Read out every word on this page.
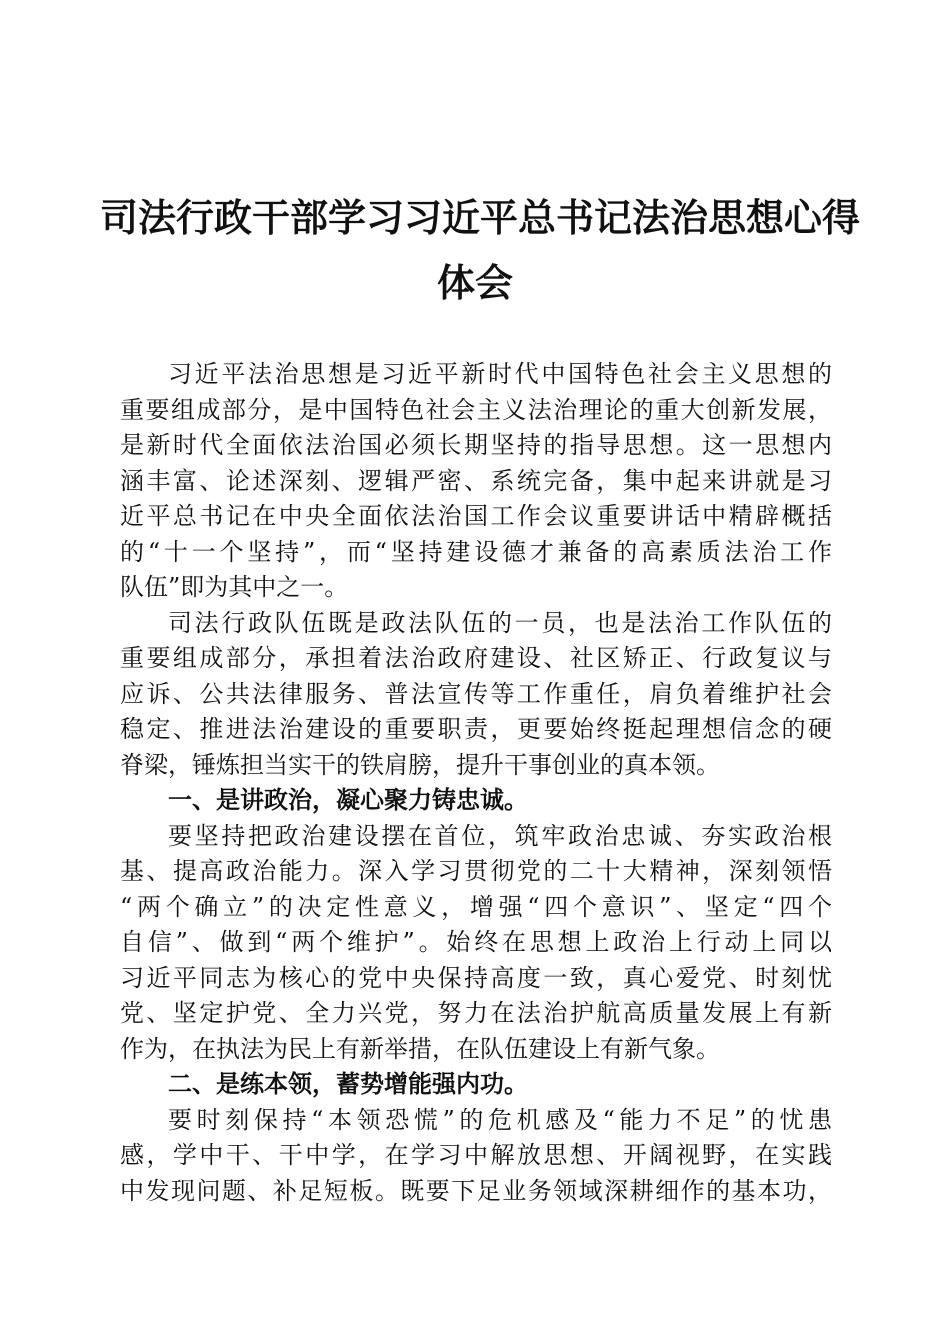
司法行政干部学习习近平总书记法治思想心得
体会
习近平法治思想是习近平新时代中国特色社会主义思想的
重要组成部分，是中国特色社会主义法治理论的重大创新发展，
是新时代全面依法治国必须长期坚持的指导思想。这一思想内
涵丰富、论述深刻、逻辑严密、系统完备，集中起来讲就是习
近平总书记在中央全面依法治国工作会议重要讲话中精辟概括
的“十一个坚持”，而“坚持建设德才兼备的高素质法治工作
队伍”即为其中之一。
司法行政队伍既是政法队伍的一员，也是法治工作队伍的
重要组成部分，承担着法治政府建设、社区矫正、行政复议与
应诉、公共法律服务、普法宣传等工作重任，肩负着维护社会
稳定、推进法治建设的重要职责，更要始终挺起理想信念的硬
脊梁，锤炼担当实干的铁肩膀，提升干事创业的真本领。
一、是讲政治，凝心聚力铸忠诚。
要坚持把政治建设摆在首位，筑牢政治忠诚、夯实政治根
基、提高政治能力。深入学习贯彻党的二十大精神，深刻领悟
“两个确立”的决定性意义，增强“四个意识”、坚定“四个
自信”、做到“两个维护”。始终在思想上政治上行动上同以
习近平同志为核心的党中央保持高度一致，真心爱党、时刻忧
党、坚定护党、全力兴党，努力在法治护航高质量发展上有新
作为，在执法为民上有新举措，在队伍建设上有新气象。
二、是练本领，蓄势增能强内功。
要时刻保持“本领恐慌”的危机感及“能力不足”的忧患
感，学中干、干中学，在学习中解放思想、开阔视野，在实践
中发现问题、补足短板。既要下足业务领域深耕细作的基本功，
